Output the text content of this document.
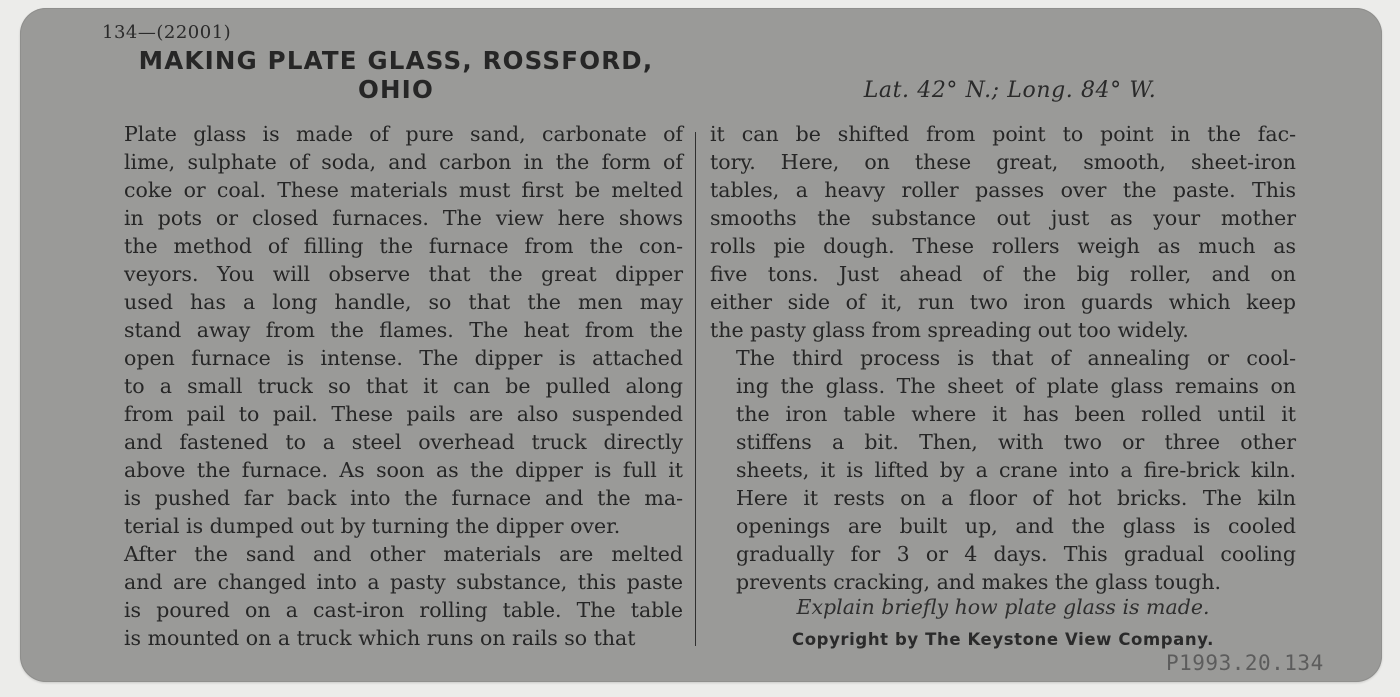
134—(22001)
MAKING PLATE GLASS, ROSSFORD,
OHIO	Lat. 42° N.; Long. 84° W.

Plate glass is made of pure sand, carbonate of
lime, sulphate of soda, and carbon in the form of
coke or coal. These materials must first be melted
in pots or closed furnaces. The view here shows
the method of filling the furnace from the con-
veyors. You will observe that the great dipper
used has a long handle, so that the men may
stand away from the flames. The heat from the
open furnace is intense. The dipper is attached
to a small truck so that it can be pulled along
from pail to pail. These pails are also suspended
and fastened to a steel overhead truck directly
above the furnace. As soon as the dipper is full it
is pushed far back into the furnace and the ma-
terial is dumped out by turning the dipper over.

After the sand and other materials are melted
and are changed into a pasty substance, this paste
is poured on a cast-iron rolling table. The table
is mounted on a truck which runs on rails so that

it can be shifted from point to point in the fac-
tory. Here, on these great, smooth, sheet-iron
tables, a heavy roller passes over the paste. This
smooths the substance out just as your mother
rolls pie dough. These rollers weigh as much as
five tons. Just ahead of the big roller, and on
either side of it, run two iron guards which keep
the pasty glass from spreading out too widely.

The third process is that of annealing or cool-
ing the glass. The sheet of plate glass remains on
the iron table where it has been rolled until it
stiffens a bit. Then, with two or three other
sheets, it is lifted by a crane into a fire-brick kiln.
Here it rests on a floor of hot bricks. The kiln
openings are built up, and the glass is cooled
gradually for 3 or 4 days. This gradual cooling
prevents cracking, and makes the glass tough.

Explain briefly how plate glass is made.
Copyright by The Keystone View Company.
P1993.20.134
